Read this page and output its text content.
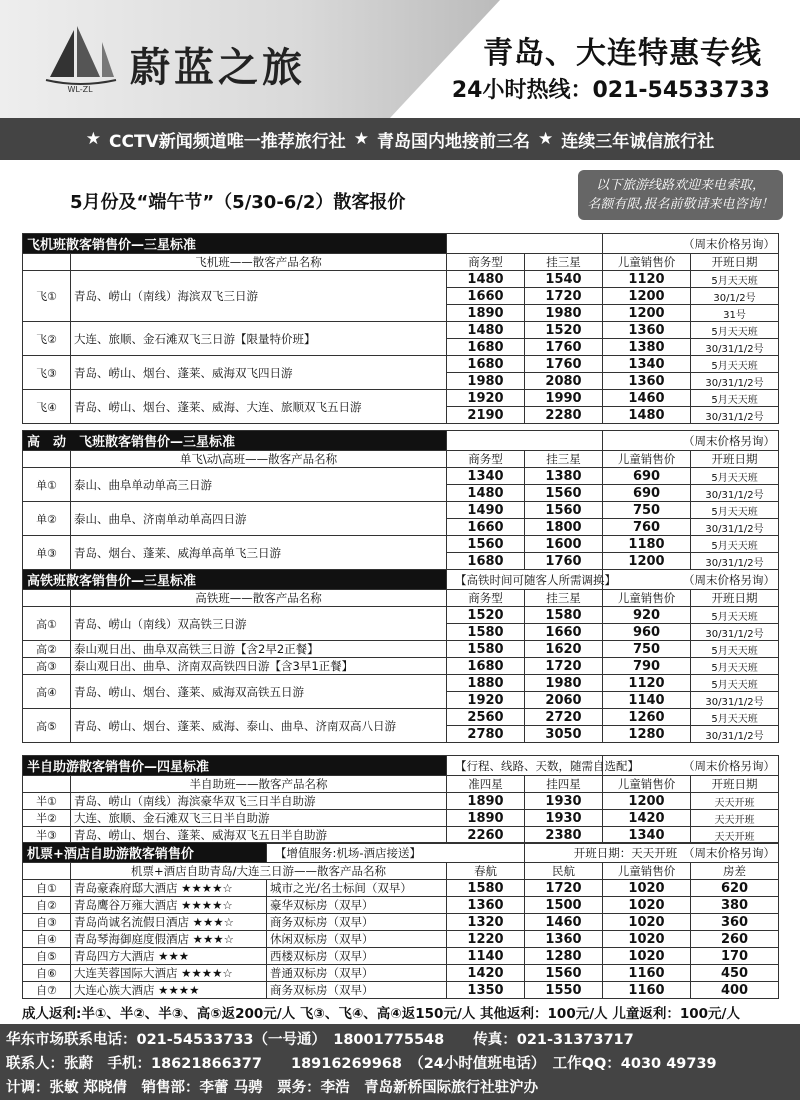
WL-ZL 蔚蓝之旅	青岛、大连特惠专线
24小时热线：021-54533733
★ CCTV新闻频道唯一推荐旅行社 ★ 青岛国内地接前三名 ★ 连续三年诚信旅行社
5月份及“端午节”（5/30-6/2）散客报价
以下旅游线路欢迎来电索取，
名额有限,报名前敬请来电咨询！
飞机班散客销售价—三星标准				（周末价格另询）	
	飞机班——散客产品名称	商务型	挂三星	儿童销售价	开班日期
飞①	青岛、崂山（南线）海滨双飞三日游	1480	1540	1120	5月天天班
		1660	1720	1200	30/1/2号
		1890	1980	1200	31号
飞②	大连、旅顺、金石滩双飞三日游【限量特价班】	1480	1520	1360	5月天天班
		1680	1760	1380	30/31/1/2号
飞③	青岛、崂山、烟台、蓬莱、威海双飞四日游	1680	1760	1340	5月天天班
		1980	2080	1360	30/31/1/2号
飞④	青岛、崂山、烟台、蓬莱、威海、大连、旅顺双飞五日游	1920	1990	1460	5月天天班
		2190	2280	1480	30/31/1/2号
高　动　飞班散客销售价—三星标准				（周末价格另询）	
	单飞\动\高班——散客产品名称	商务型	挂三星	儿童销售价	开班日期
单①	泰山、曲阜单动单高三日游	1340	1380	690	5月天天班
		1480	1560	690	30/31/1/2号
单②	泰山、曲阜、济南单动单高四日游	1490	1560	750	5月天天班
		1660	1800	760	30/31/1/2号
单③	青岛、烟台、蓬莱、威海单高单飞三日游	1560	1600	1180	5月天天班
		1680	1760	1200	30/31/1/2号
高铁班散客销售价—三星标准		【高铁时间可随客人所需调换】		（周末价格另询）	
	高铁班——散客产品名称	商务型	挂三星	儿童销售价	开班日期
高①	青岛、崂山（南线）双高铁三日游	1520	1580	920	5月天天班
		1580	1660	960	30/31/1/2号
高②	泰山观日出、曲阜双高铁三日游【含2早2正餐】	1580	1620	750	5月天天班
高③	泰山观日出、曲阜、济南双高铁四日游【含3早1正餐】	1680	1720	790	5月天天班
高④	青岛、崂山、烟台、蓬莱、威海双高铁五日游	1880	1980	1120	5月天天班
		1920	2060	1140	30/31/1/2号
高⑤	青岛、崂山、烟台、蓬莱、威海、泰山、曲阜、济南双高八日游	2560	2720	1260	5月天天班
		2780	3050	1280	30/31/1/2号
半自助游散客销售价—四星标准		【行程、线路、天数，随需自选配】		（周末价格另询）	
	半自助班——散客产品名称	准四星	挂四星	儿童销售价	开班日期
半①	青岛、崂山（南线）海滨豪华双飞三日半自助游	1890	1930	1200	天天开班
半②	大连、旅顺、金石滩双飞三日半自助游	1890	1930	1420	天天开班
半③	青岛、崂山、烟台、蓬莱、威海双飞五日半自助游	2260	2380	1340	天天开班
机票+酒店自助游散客销售价		【增值服务:机场-酒店接送】		开班日期：天天开班　（周末价格另询）		
	机票+酒店自助青岛/大连三日游——散客产品名称		春航	民航	儿童销售价	房差
自①	青岛豪森府邸大酒店 ★★★★☆	城市之光/名士标间（双早）	1580	1720	1020	620
自②	青岛鹰谷万雍大酒店 ★★★★☆	豪华双标房（双早）	1360	1500	1020	380
自③	青岛尚诚名流假日酒店 ★★★☆	商务双标房（双早）	1320	1460	1020	360
自④	青岛琴海御庭度假酒店 ★★★☆	休闲双标房（双早）	1220	1360	1020	260
自⑤	青岛四方大酒店 ★★★	西楼双标房（双早）	1140	1280	1020	170
自⑥	大连芙蓉国际大酒店 ★★★★☆	普通双标房（双早）	1420	1560	1160	450
自⑦	大连心族大酒店 ★★★★	商务双标房（双早）	1350	1550	1160	400
成人返利:半①、半②、半③、高⑤返200元/人 飞③、飞④、高④返150元/人 其他返利：100元/人 儿童返利：100元/人
华东市场联系电话：021-54533733（一号通）　18001775548　　传真：021-31373717
联系人：张蔚　手机：18621866377　　18916269968　（24小时值班电话）　工作QQ：4030 49739
计调：张敏 郑晓倩　销售部：李蕾 马骋　票务：李浩　青岛新桥国际旅行社驻沪办
